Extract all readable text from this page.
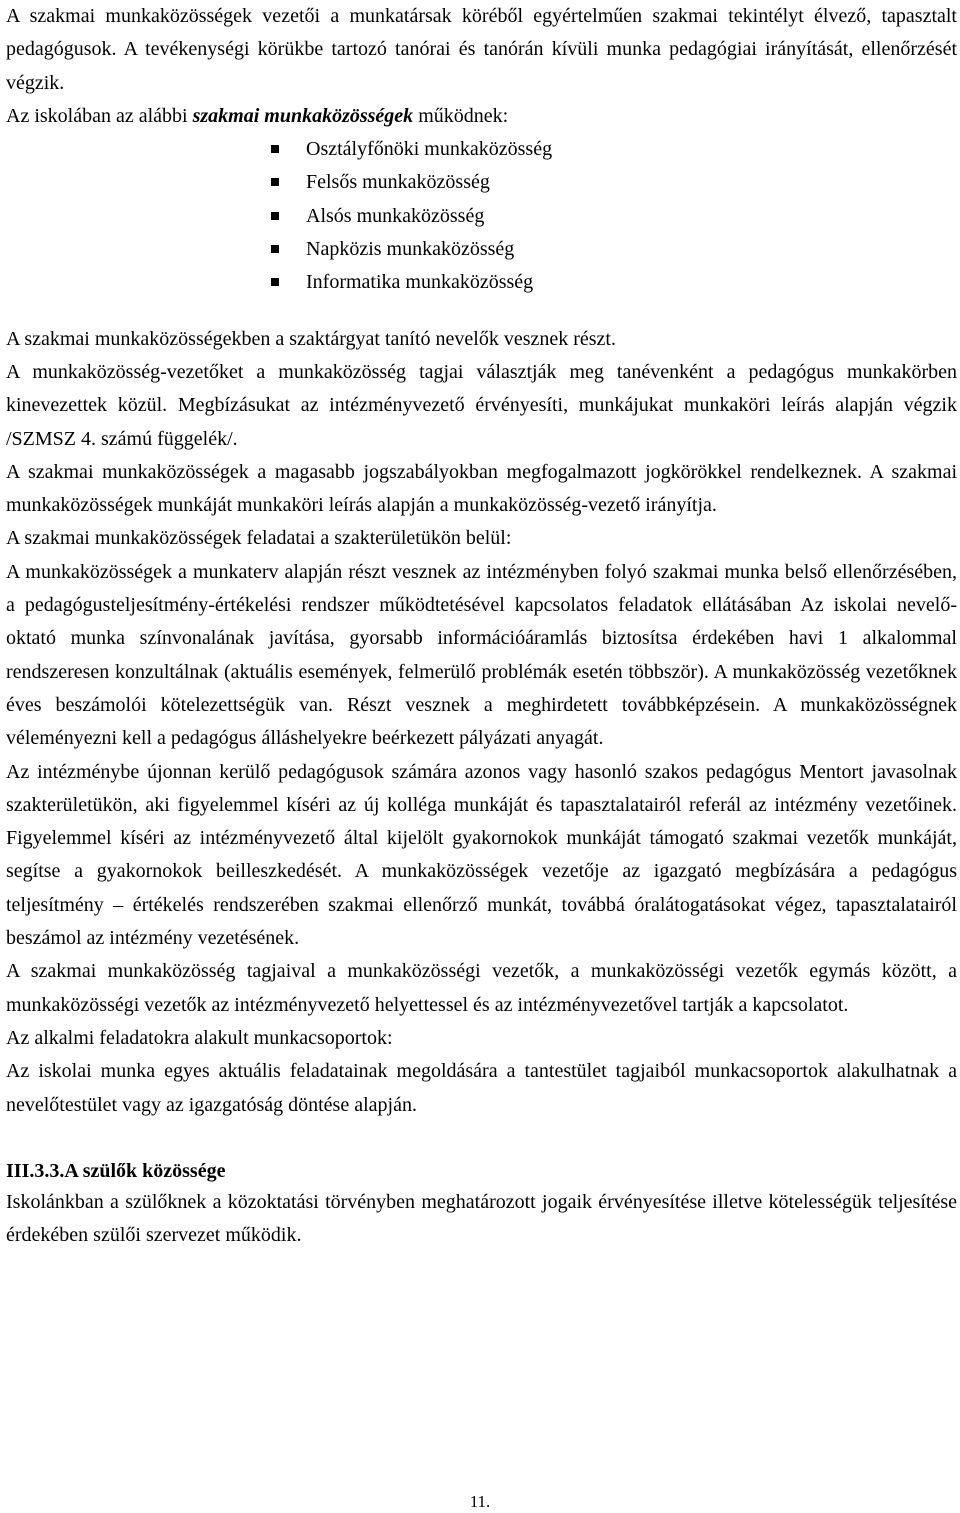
A szakmai munkaközösségek vezetői a munkatársak köréből egyértelműen szakmai tekintélyt élvező, tapasztalt pedagógusok. A tevékenységi körükbe tartozó tanórai és tanórán kívüli munka pedagógiai irányítását, ellenőrzését végzik.

Az iskolában az alábbi szakmai munkaközösségek működnek:

Osztályfőnöki munkaközösség
Felsős munkaközösség
Alsós munkaközösség
Napközis munkaközösség
Informatika munkaközösség

A szakmai munkaközösségekben a szaktárgyat tanító nevelők vesznek részt.

A munkaközösség-vezetőket a munkaközösség tagjai választják meg tanévenként a pedagógus munkakörben kinevezettek közül. Megbízásukat az intézményvezető érvényesíti, munkájukat munkaköri leírás alapján végzik /SZMSZ 4. számú függelék/.

A szakmai munkaközösségek a magasabb jogszabályokban megfogalmazott jogkörökkel rendelkeznek. A szakmai munkaközösségek munkáját munkaköri leírás alapján a munkaközösség-vezető irányítja.

A szakmai munkaközösségek feladatai a szakterületükön belül:

A munkaközösségek a munkaterv alapján részt vesznek az intézményben folyó szakmai munka belső ellenőrzésében, a pedagógusteljesítmény-értékelési rendszer működtetésével kapcsolatos feladatok ellátásában Az iskolai nevelő-oktató munka színvonalának javítása, gyorsabb információáramlás biztosítsa érdekében havi 1 alkalommal rendszeresen konzultálnak (aktuális események, felmerülő problémák esetén többször). A munkaközösség vezetőknek éves beszámolói kötelezettségük van. Részt vesznek a meghirdetett továbbképzésein. A munkaközösségnek véleményezni kell a pedagógus álláshelyekre beérkezett pályázati anyagát.

Az intézménybe újonnan kerülő pedagógusok számára azonos vagy hasonló szakos pedagógus Mentort javasolnak szakterületükön, aki figyelemmel kíséri az új kolléga munkáját és tapasztalatairól referál az intézmény vezetőinek. Figyelemmel kíséri az intézményvezető által kijelölt gyakornokok munkáját támogató szakmai vezetők munkáját, segítse a gyakornokok beilleszkedését. A munkaközösségek vezetője az igazgató megbízására a pedagógus teljesítmény – értékelés rendszerében szakmai ellenőrző munkát, továbbá óralátogatásokat végez, tapasztalatairól beszámol az intézmény vezetésének.

A szakmai munkaközösség tagjaival a munkaközösségi vezetők, a munkaközösségi vezetők egymás között, a munkaközösségi vezetők az intézményvezető helyettessel és az intézményvezetővel tartják a kapcsolatot.

Az alkalmi feladatokra alakult munkacsoportok:

Az iskolai munka egyes aktuális feladatainak megoldására a tantestület tagjaiból munkacsoportok alakulhatnak a nevelőtestület vagy az igazgatóság döntése alapján.

III.3.3.A szülők közössége

Iskolánkban a szülőknek a közoktatási törvényben meghatározott jogaik érvényesítése illetve kötelességük teljesítése érdekében szülői szervezet működik.

11.
